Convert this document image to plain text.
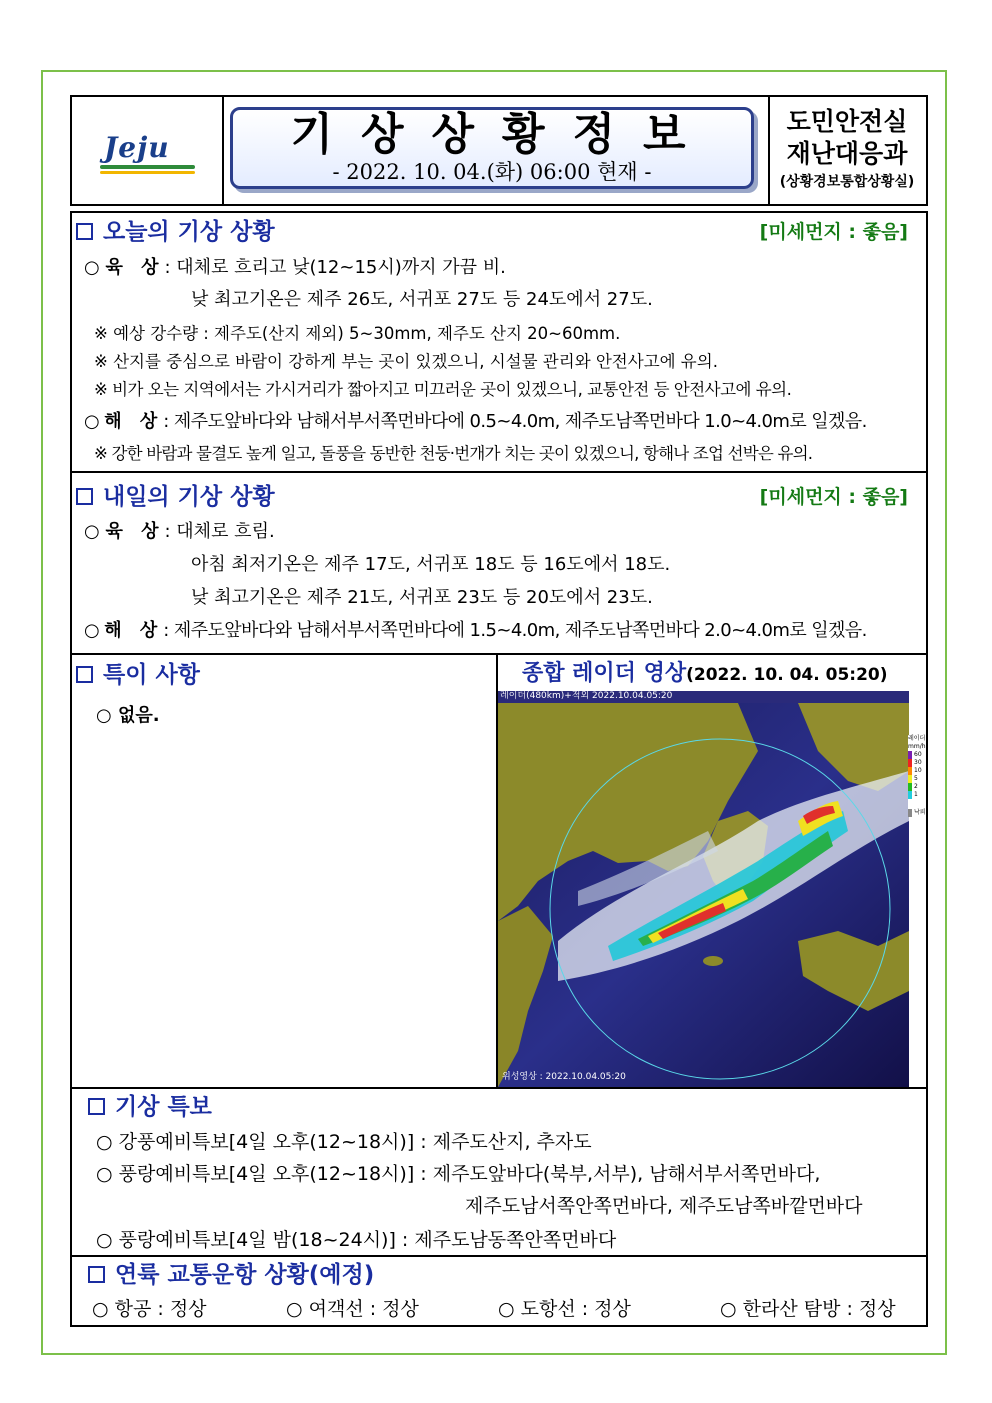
Jeju	기상상황정보
- 2022. 10. 04.(화) 06:00 현재 -
도민안전실
재난대응과
(상황경보통합상황실)
오늘의 기상 상황	[미세먼지 : 좋음]
○ 육 상: 대체로 흐리고 낮(12~15시)까지 가끔 비.
낮 최고기온은 제주 26도, 서귀포 27도 등 24도에서 27도.
※ 예상 강수량 : 제주도(산지 제외) 5~30mm, 제주도 산지 20~60mm.
※ 산지를 중심으로 바람이 강하게 부는 곳이 있겠으니, 시설물 관리와 안전사고에 유의.
※ 비가 오는 지역에서는 가시거리가 짧아지고 미끄러운 곳이 있겠으니, 교통안전 등 안전사고에 유의.
○ 해 상: 제주도앞바다와 남해서부서쪽먼바다에 0.5~4.0m, 제주도남쪽먼바다 1.0~4.0m로 일겠음.
※ 강한 바람과 물결도 높게 일고, 돌풍을 동반한 천둥·번개가 치는 곳이 있겠으니, 항해나 조업 선박은 유의.
내일의 기상 상황	[미세먼지 : 좋음]
○ 육 상: 대체로 흐림.
아침 최저기온은 제주 17도, 서귀포 18도 등 16도에서 18도.
낮 최고기온은 제주 21도, 서귀포 23도 등 20도에서 23도.
○ 해 상: 제주도앞바다와 남해서부서쪽먼바다에 1.5~4.0m, 제주도남쪽먼바다 2.0~4.0m로 일겠음.
특이 사항
○ 없음.
종합 레이더 영상(2022. 10. 04. 05:20)
레이더(480km)+적외 2022.10.04.05:20
위성영상 : 2022.10.04.05:20
레이더
mm/h
60
30
10
5
2
1
낙뢰
기상 특보
○ 강풍예비특보[4일 오후(12~18시)] : 제주도산지, 추자도
○ 풍랑예비특보[4일 오후(12~18시)] : 제주도앞바다(북부,서부), 남해서부서쪽먼바다,
제주도남서쪽안쪽먼바다, 제주도남쪽바깥먼바다
○ 풍랑예비특보[4일 밤(18~24시)] : 제주도남동쪽안쪽먼바다
연륙 교통운항 상황(예정)
○ 항공 : 정상	○ 여객선 : 정상	○ 도항선 : 정상	○ 한라산 탐방 : 정상
